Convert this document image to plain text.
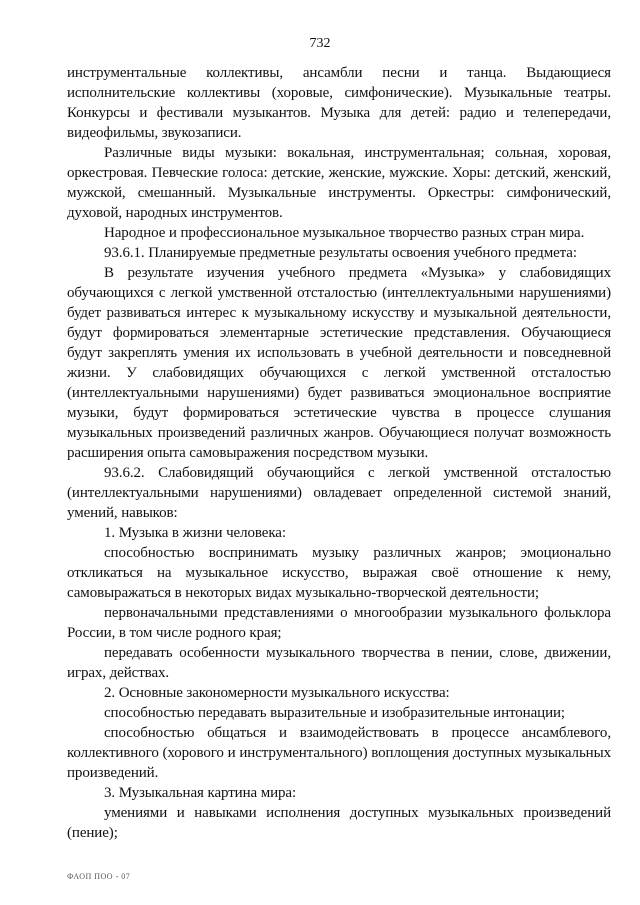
732

инструментальные коллективы, ансамбли песни и танца. Выдающиеся исполнительские коллективы (хоровые, симфонические). Музыкальные театры. Конкурсы и фестивали музыкантов. Музыка для детей: радио и телепередачи, видеофильмы, звукозаписи.

Различные виды музыки: вокальная, инструментальная; сольная, хоровая, оркестровая. Певческие голоса: детские, женские, мужские. Хоры: детский, женский, мужской, смешанный. Музыкальные инструменты. Оркестры: симфонический, духовой, народных инструментов.

Народное и профессиональное музыкальное творчество разных стран мира.

93.6.1. Планируемые предметные результаты освоения учебного предмета:

В результате изучения учебного предмета «Музыка» у слабовидящих обучающихся с легкой умственной отсталостью (интеллектуальными нарушениями) будет развиваться интерес к музыкальному искусству и музыкальной деятельности, будут формироваться элементарные эстетические представления. Обучающиеся будут закреплять умения их использовать в учебной деятельности и повседневной жизни. У слабовидящих обучающихся с легкой умственной отсталостью (интеллектуальными нарушениями) будет развиваться эмоциональное восприятие музыки, будут формироваться эстетические чувства в процессе слушания музыкальных произведений различных жанров. Обучающиеся получат возможность расширения опыта самовыражения посредством музыки.

93.6.2. Слабовидящий обучающийся с легкой умственной отсталостью (интеллектуальными нарушениями) овладевает определенной системой знаний, умений, навыков:

1. Музыка в жизни человека:

способностью воспринимать музыку различных жанров; эмоционально откликаться на музыкальное искусство, выражая своё отношение к нему, самовыражаться в некоторых видах музыкально-творческой деятельности;

первоначальными представлениями о многообразии музыкального фольклора России, в том числе родного края;

передавать особенности музыкального творчества в пении, слове, движении, играх, действах.

2. Основные закономерности музыкального искусства:

способностью передавать выразительные и изобразительные интонации;

способностью общаться и взаимодействовать в процессе ансамблевого, коллективного (хорового и инструментального) воплощения доступных музыкальных произведений.

3. Музыкальная картина мира:

умениями и навыками исполнения доступных музыкальных произведений (пение);

ФАОП ПОО - 07
